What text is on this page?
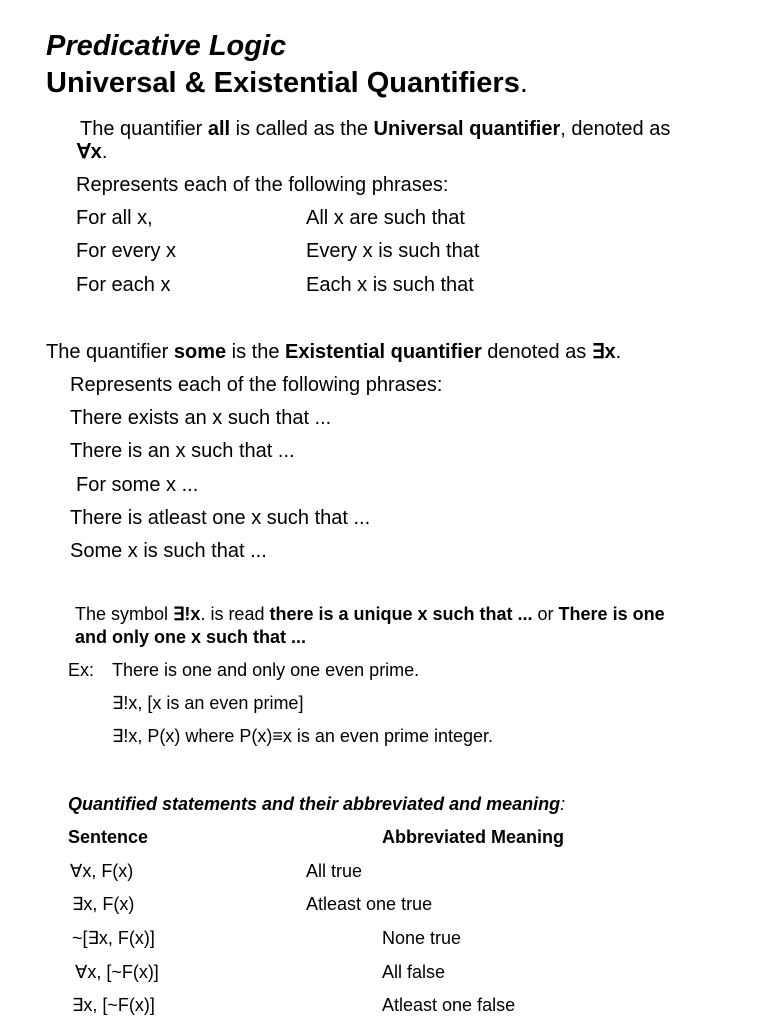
Predicative Logic
Universal & Existential Quantifiers.
The quantifier all is called as the Universal quantifier, denoted as
∀x.
Represents each of the following phrases:
For all x,	All x are such that
For every x	Every x is such that
For each x	Each x is such that
The quantifier some is the Existential quantifier denoted as ∃x.
Represents each of the following phrases:
There exists an x such that ...
There is an x such that ...
For some x ...
There is atleast one x such that ...
Some x is such that ...
The symbol ∃!x. is read there is a unique x such that ... or There is one
and only one x such that ...
Ex: There is one and only one even prime.
∃!x, [x is an even prime]
∃!x, P(x) where P(x)≡x is an even prime integer.
Quantified statements and their abbreviated and meaning:
Sentence	Abbreviated Meaning
∀x, F(x)	All true
∃x, F(x)	Atleast one true
~[∃x, F(x)]	None true
∀x, [~F(x)]	All false
∃x, [~F(x)]	Atleast one false
